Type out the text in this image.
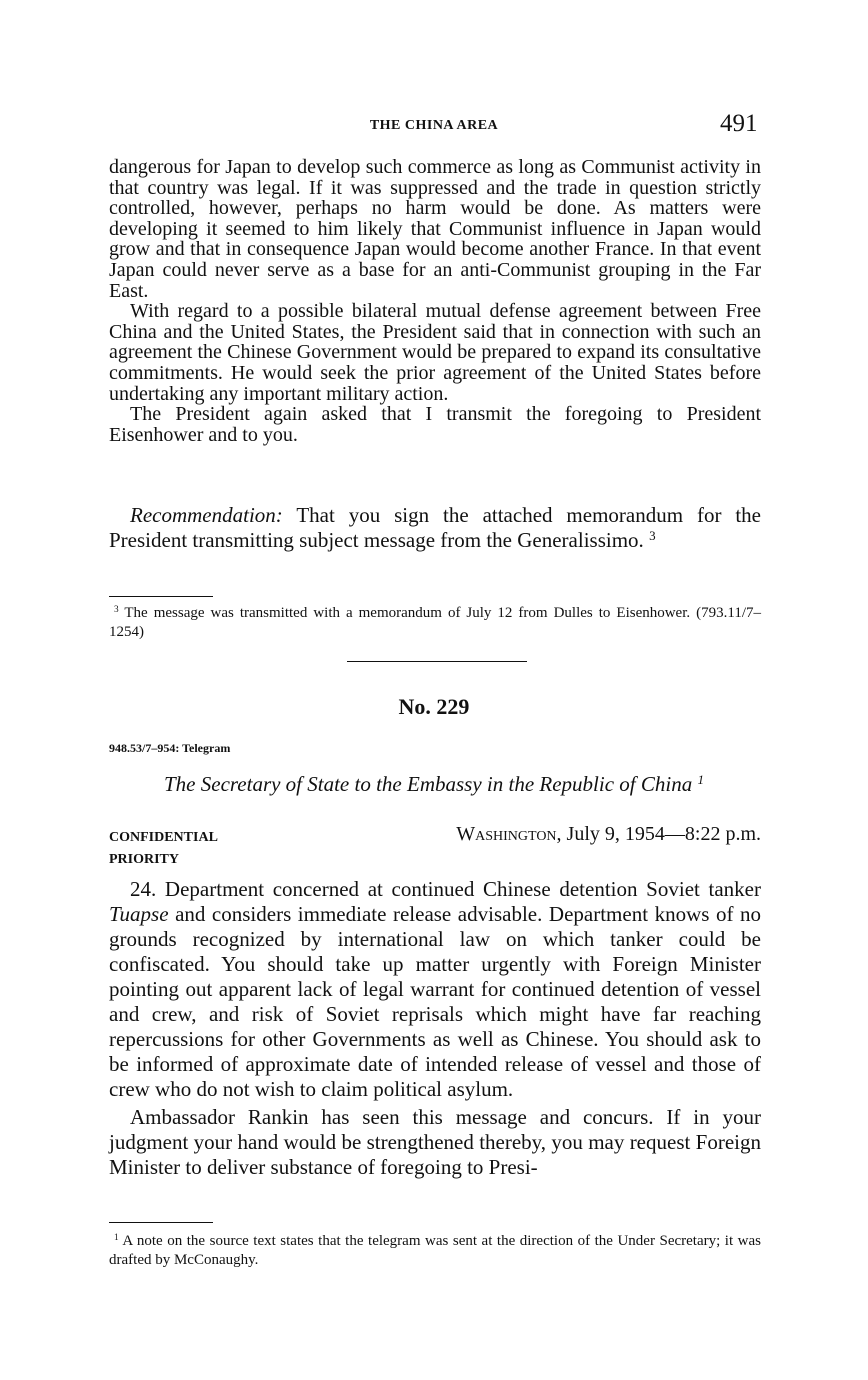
THE CHINA AREA	491

dangerous for Japan to develop such commerce as long as Communist activity in that country was legal. If it was suppressed and the trade in question strictly controlled, however, perhaps no harm would be done. As matters were developing it seemed to him likely that Communist influence in Japan would grow and that in consequence Japan would become another France. In that event Japan could never serve as a base for an anti-Communist grouping in the Far East.

With regard to a possible bilateral mutual defense agreement between Free China and the United States, the President said that in connection with such an agreement the Chinese Government would be prepared to expand its consultative commitments. He would seek the prior agreement of the United States before undertaking any important military action.

The President again asked that I transmit the foregoing to President Eisenhower and to you.

Recommendation: That you sign the attached memorandum for the President transmitting subject message from the Generalissimo. $^3$

$^3$ The message was transmitted with a memorandum of July 12 from Dulles to Eisenhower. (793.11/7–1254)

No. 229
948.53/7–954: Telegram
The Secretary of State to the Embassy in the Republic of China $^1$
CONFIDENTIAL
PRIORITY
Washington, July 9, 1954—8:22 p.m.

24. Department concerned at continued Chinese detention Soviet tanker Tuapse and considers immediate release advisable. Department knows of no grounds recognized by international law on which tanker could be confiscated. You should take up matter urgently with Foreign Minister pointing out apparent lack of legal warrant for continued detention of vessel and crew, and risk of Soviet reprisals which might have far reaching repercussions for other Governments as well as Chinese. You should ask to be informed of approximate date of intended release of vessel and those of crew who do not wish to claim political asylum.

Ambassador Rankin has seen this message and concurs. If in your judgment your hand would be strengthened thereby, you may request Foreign Minister to deliver substance of foregoing to Presi-

$^1$ A note on the source text states that the telegram was sent at the direction of the Under Secretary; it was drafted by McConaughy.
